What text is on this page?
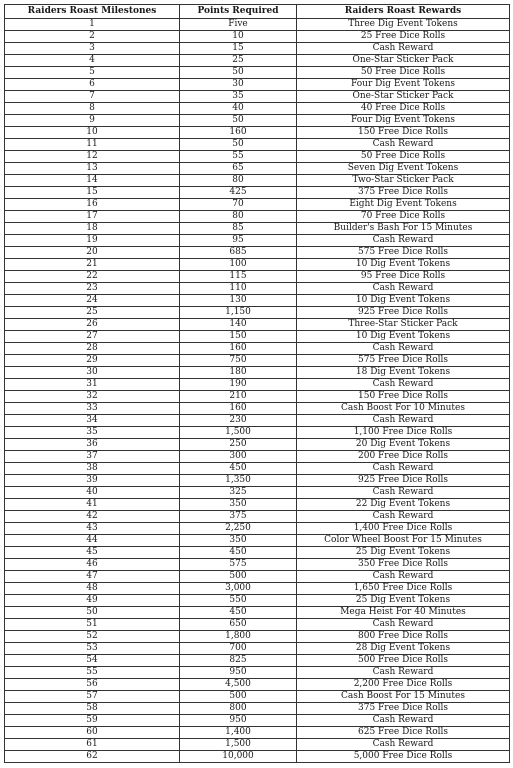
Raiders Roast Milestones	Points Required	Raiders Roast Rewards
1	Five	Three Dig Event Tokens
2	10	25 Free Dice Rolls
3	15	Cash Reward
4	25	One-Star Sticker Pack
5	50	50 Free Dice Rolls
6	30	Four Dig Event Tokens
7	35	One-Star Sticker Pack
8	40	40 Free Dice Rolls
9	50	Four Dig Event Tokens
10	160	150 Free Dice Rolls
11	50	Cash Reward
12	55	50 Free Dice Rolls
13	65	Seven Dig Event Tokens
14	80	Two-Star Sticker Pack
15	425	375 Free Dice Rolls
16	70	Eight Dig Event Tokens
17	80	70 Free Dice Rolls
18	85	Builder's Bash For 15 Minutes
19	95	Cash Reward
20	685	575 Free Dice Rolls
21	100	10 Dig Event Tokens
22	115	95 Free Dice Rolls
23	110	Cash Reward
24	130	10 Dig Event Tokens
25	1,150	925 Free Dice Rolls
26	140	Three-Star Sticker Pack
27	150	10 Dig Event Tokens
28	160	Cash Reward
29	750	575 Free Dice Rolls
30	180	18 Dig Event Tokens
31	190	Cash Reward
32	210	150 Free Dice Rolls
33	160	Cash Boost For 10 Minutes
34	230	Cash Reward
35	1,500	1,100 Free Dice Rolls
36	250	20 Dig Event Tokens
37	300	200 Free Dice Rolls
38	450	Cash Reward
39	1,350	925 Free Dice Rolls
40	325	Cash Reward
41	350	22 Dig Event Tokens
42	375	Cash Reward
43	2,250	1,400 Free Dice Rolls
44	350	Color Wheel Boost For 15 Minutes
45	450	25 Dig Event Tokens
46	575	350 Free Dice Rolls
47	500	Cash Reward
48	3,000	1,650 Free Dice Rolls
49	550	25 Dig Event Tokens
50	450	Mega Heist For 40 Minutes
51	650	Cash Reward
52	1,800	800 Free Dice Rolls
53	700	28 Dig Event Tokens
54	825	500 Free Dice Rolls
55	950	Cash Reward
56	4,500	2,200 Free Dice Rolls
57	500	Cash Boost For 15 Minutes
58	800	375 Free Dice Rolls
59	950	Cash Reward
60	1,400	625 Free Dice Rolls
61	1,500	Cash Reward
62	10,000	5,000 Free Dice Rolls
